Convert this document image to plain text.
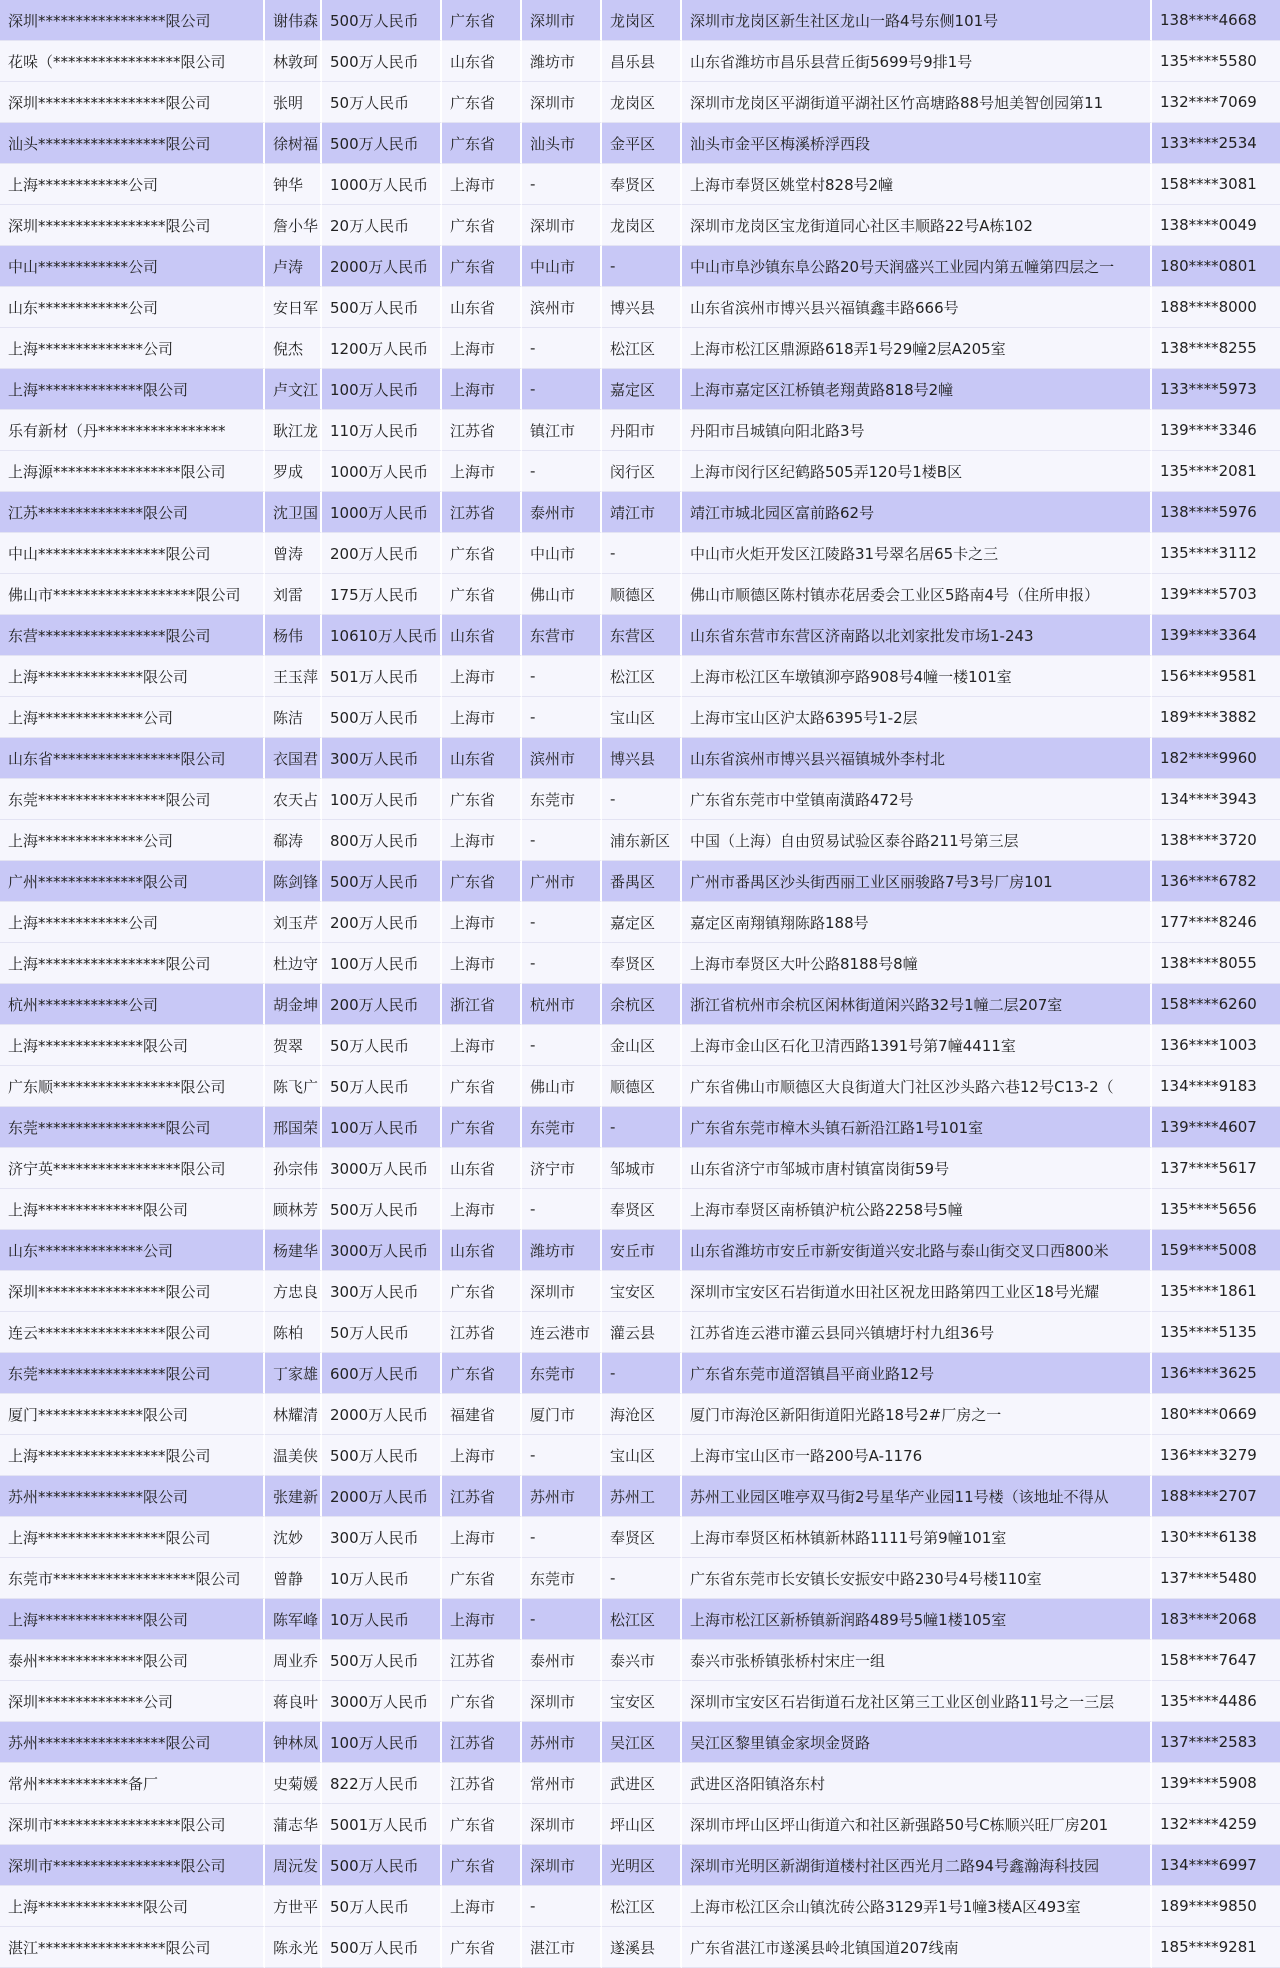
深圳*****************限公司	谢伟森	500万人民币	广东省	深圳市	龙岗区	深圳市龙岗区新生社区龙山一路4号东侧101号	138****4668
花哚（*****************限公司	林敦珂	500万人民币	山东省	潍坊市	昌乐县	山东省潍坊市昌乐县营丘街5699号9排1号	135****5580
深圳*****************限公司	张明	50万人民币	广东省	深圳市	龙岗区	深圳市龙岗区平湖街道平湖社区竹高塘路88号旭美智创园第11	132****7069
汕头*****************限公司	徐树福	500万人民币	广东省	汕头市	金平区	汕头市金平区梅溪桥浮西段	133****2534
上海************公司	钟华	1000万人民币	上海市	-	奉贤区	上海市奉贤区姚堂村828号2幢	158****3081
深圳*****************限公司	詹小华	20万人民币	广东省	深圳市	龙岗区	深圳市龙岗区宝龙街道同心社区丰顺路22号A栋102	138****0049
中山************公司	卢涛	2000万人民币	广东省	中山市	-	中山市阜沙镇东阜公路20号天润盛兴工业园内第五幢第四层之一	180****0801
山东************公司	安日军	500万人民币	山东省	滨州市	博兴县	山东省滨州市博兴县兴福镇鑫丰路666号	188****8000
上海**************公司	倪杰	1200万人民币	上海市	-	松江区	上海市松江区鼎源路618弄1号29幢2层A205室	138****8255
上海**************限公司	卢文江	100万人民币	上海市	-	嘉定区	上海市嘉定区江桥镇老翔黄路818号2幢	133****5973
乐有新材（丹*****************	耿江龙	110万人民币	江苏省	镇江市	丹阳市	丹阳市吕城镇向阳北路3号	139****3346
上海源*****************限公司	罗成	1000万人民币	上海市	-	闵行区	上海市闵行区纪鹤路505弄120号1楼B区	135****2081
江苏**************限公司	沈卫国	1000万人民币	江苏省	泰州市	靖江市	靖江市城北园区富前路62号	138****5976
中山*****************限公司	曾涛	200万人民币	广东省	中山市	-	中山市火炬开发区江陵路31号翠名居65卡之三	135****3112
佛山市*******************限公司	刘雷	175万人民币	广东省	佛山市	顺德区	佛山市顺德区陈村镇赤花居委会工业区5路南4号（住所申报）	139****5703
东营*****************限公司	杨伟	10610万人民币	山东省	东营市	东营区	山东省东营市东营区济南路以北刘家批发市场1-243	139****3364
上海**************限公司	王玉萍	501万人民币	上海市	-	松江区	上海市松江区车墩镇泖亭路908号4幢一楼101室	156****9581
上海**************公司	陈洁	500万人民币	上海市	-	宝山区	上海市宝山区沪太路6395号1-2层	189****3882
山东省*****************限公司	衣国君	300万人民币	山东省	滨州市	博兴县	山东省滨州市博兴县兴福镇城外李村北	182****9960
东莞*****************限公司	农天占	100万人民币	广东省	东莞市	-	广东省东莞市中堂镇南潢路472号	134****3943
上海**************公司	郗涛	800万人民币	上海市	-	浦东新区	中国（上海）自由贸易试验区泰谷路211号第三层	138****3720
广州**************限公司	陈剑锋	500万人民币	广东省	广州市	番禺区	广州市番禺区沙头街西丽工业区丽骏路7号3号厂房101	136****6782
上海************公司	刘玉芹	200万人民币	上海市	-	嘉定区	嘉定区南翔镇翔陈路188号	177****8246
上海*****************限公司	杜边守	100万人民币	上海市	-	奉贤区	上海市奉贤区大叶公路8188号8幢	138****8055
杭州************公司	胡金坤	200万人民币	浙江省	杭州市	余杭区	浙江省杭州市余杭区闲林街道闲兴路32号1幢二层207室	158****6260
上海**************限公司	贺翠	50万人民币	上海市	-	金山区	上海市金山区石化卫清西路1391号第7幢4411室	136****1003
广东顺*****************限公司	陈飞广	50万人民币	广东省	佛山市	顺德区	广东省佛山市顺德区大良街道大门社区沙头路六巷12号C13-2（	134****9183
东莞*****************限公司	邢国荣	100万人民币	广东省	东莞市	-	广东省东莞市樟木头镇石新沿江路1号101室	139****4607
济宁英*****************限公司	孙宗伟	3000万人民币	山东省	济宁市	邹城市	山东省济宁市邹城市唐村镇富岗街59号	137****5617
上海**************限公司	顾林芳	500万人民币	上海市	-	奉贤区	上海市奉贤区南桥镇沪杭公路2258号5幢	135****5656
山东**************公司	杨建华	3000万人民币	山东省	潍坊市	安丘市	山东省潍坊市安丘市新安街道兴安北路与泰山街交叉口西800米	159****5008
深圳*****************限公司	方忠良	300万人民币	广东省	深圳市	宝安区	深圳市宝安区石岩街道水田社区祝龙田路第四工业区18号光耀	135****1861
连云*****************限公司	陈柏	50万人民币	江苏省	连云港市	灌云县	江苏省连云港市灌云县同兴镇塘圩村九组36号	135****5135
东莞*****************限公司	丁家雄	600万人民币	广东省	东莞市	-	广东省东莞市道滘镇昌平商业路12号	136****3625
厦门**************限公司	林耀清	2000万人民币	福建省	厦门市	海沧区	厦门市海沧区新阳街道阳光路18号2#厂房之一	180****0669
上海*****************限公司	温美侠	500万人民币	上海市	-	宝山区	上海市宝山区市一路200号A-1176	136****3279
苏州**************限公司	张建新	2000万人民币	江苏省	苏州市	苏州工	苏州工业园区唯亭双马街2号星华产业园11号楼（该地址不得从	188****2707
上海*****************限公司	沈妙	300万人民币	上海市	-	奉贤区	上海市奉贤区柘林镇新林路1111号第9幢101室	130****6138
东莞市*******************限公司	曾静	10万人民币	广东省	东莞市	-	广东省东莞市长安镇长安振安中路230号4号楼110室	137****5480
上海**************限公司	陈军峰	10万人民币	上海市	-	松江区	上海市松江区新桥镇新润路489号5幢1楼105室	183****2068
泰州**************限公司	周业乔	500万人民币	江苏省	泰州市	泰兴市	泰兴市张桥镇张桥村宋庄一组	158****7647
深圳**************公司	蒋良叶	3000万人民币	广东省	深圳市	宝安区	深圳市宝安区石岩街道石龙社区第三工业区创业路11号之一三层	135****4486
苏州*****************限公司	钟林凤	100万人民币	江苏省	苏州市	吴江区	吴江区黎里镇金家坝金贤路	137****2583
常州************备厂	史菊媛	822万人民币	江苏省	常州市	武进区	武进区洛阳镇洛东村	139****5908
深圳市*****************限公司	蒲志华	5001万人民币	广东省	深圳市	坪山区	深圳市坪山区坪山街道六和社区新强路50号C栋顺兴旺厂房201	132****4259
深圳市*****************限公司	周沅发	500万人民币	广东省	深圳市	光明区	深圳市光明区新湖街道楼村社区西光月二路94号鑫瀚海科技园	134****6997
上海**************限公司	方世平	50万人民币	上海市	-	松江区	上海市松江区佘山镇沈砖公路3129弄1号1幢3楼A区493室	189****9850
湛江*****************限公司	陈永光	500万人民币	广东省	湛江市	遂溪县	广东省湛江市遂溪县岭北镇国道207线南	185****9281
